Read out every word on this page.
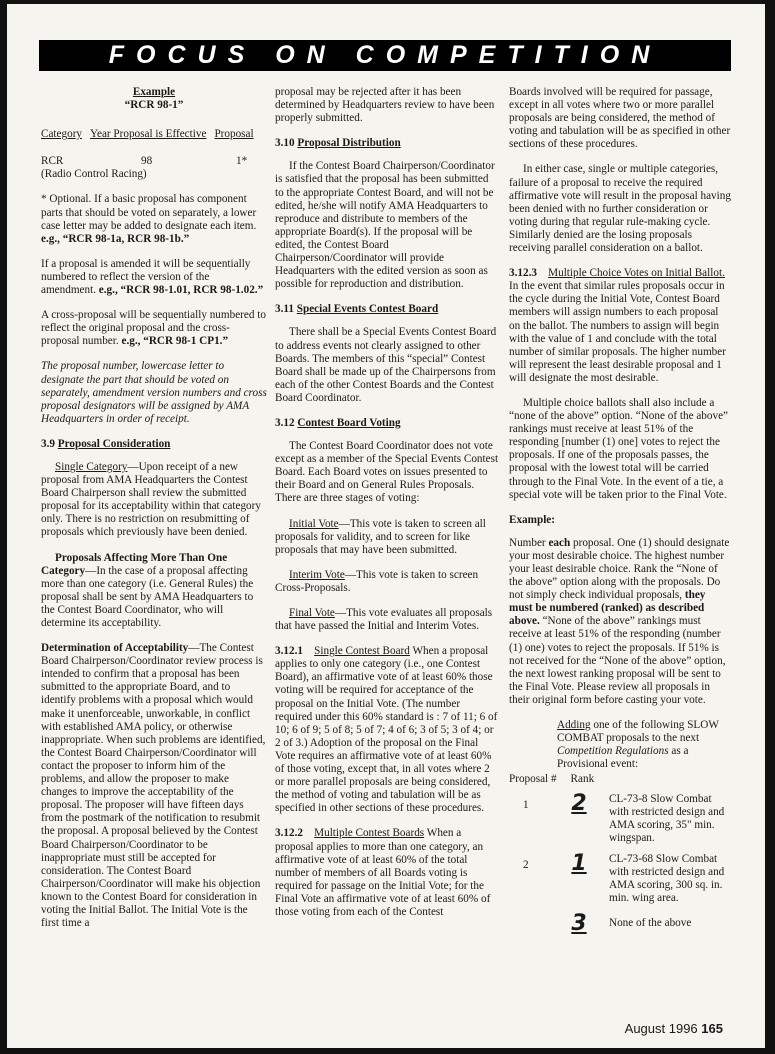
FOCUS ON COMPETITION
Example
“RCR 98-1”
Category Year Proposal is Effective Proposal
RCR	98	1*

(Radio Control Racing)

* Optional. If a basic proposal has component parts that should be voted on separately, a lower case letter may be added to designate each item. e.g., “RCR 98-1a, RCR 98-1b.”

If a proposal is amended it will be sequentially numbered to reflect the version of the amendment. e.g., “RCR 98-1.01, RCR 98-1.02.”

A cross-proposal will be sequentially numbered to reflect the original proposal and the cross-proposal number. e.g., “RCR 98-1 CP1.”

The proposal number, lowercase letter to designate the part that should be voted on separately, amendment version numbers and cross proposal designators will be assigned by AMA Headquarters in order of receipt.

3.9 Proposal Consideration

Single Category—Upon receipt of a new proposal from AMA Headquarters the Contest Board Chairperson shall review the submitted proposal for its acceptability within that category only. There is no restriction on resubmitting of proposals which previously have been denied.

Proposals Affecting More Than One Category—In the case of a proposal affecting more than one category (i.e. General Rules) the proposal shall be sent by AMA Headquarters to the Contest Board Coordinator, who will determine its acceptability.

Determination of Acceptability—The Contest Board Chairperson/Coordinator review process is intended to confirm that a proposal has been submitted to the appropriate Board, and to identify problems with a proposal which would make it unenforceable, unworkable, in conflict with established AMA policy, or otherwise inappropriate. When such problems are identified, the Contest Board Chairperson/Coordinator will contact the proposer to inform him of the problems, and allow the proposer to make changes to improve the acceptability of the proposal. The proposer will have fifteen days from the postmark of the notification to resubmit the proposal. A proposal believed by the Contest Board Chairperson/Coordinator to be inappropriate must still be accepted for consideration. The Contest Board Chairperson/Coordinator will make his objection known to the Contest Board for consideration in voting the Initial Ballot. The Initial Vote is the first time a

proposal may be rejected after it has been determined by Headquarters review to have been properly submitted.

3.10 Proposal Distribution

If the Contest Board Chairperson/Coordinator is satisfied that the proposal has been submitted to the appropriate Contest Board, and will not be edited, he/she will notify AMA Headquarters to reproduce and distribute to members of the appropriate Board(s). If the proposal will be edited, the Contest Board Chairperson/Coordinator will provide Headquarters with the edited version as soon as possible for reproduction and distribution.

3.11 Special Events Contest Board

There shall be a Special Events Contest Board to address events not clearly assigned to other Boards. The members of this “special” Contest Board shall be made up of the Chairpersons from each of the other Contest Boards and the Contest Board Coordinator.

3.12 Contest Board Voting

The Contest Board Coordinator does not vote except as a member of the Special Events Contest Board. Each Board votes on issues presented to their Board and on General Rules Proposals. There are three stages of voting:

Initial Vote—This vote is taken to screen all proposals for validity, and to screen for like proposals that may have been submitted.

Interim Vote—This vote is taken to screen Cross-Proposals.

Final Vote—This vote evaluates all proposals that have passed the Initial and Interim Votes.

3.12.1 Single Contest Board When a proposal applies to only one category (i.e., one Contest Board), an affirmative vote of at least 60% those voting will be required for acceptance of the proposal on the Initial Vote. (The number required under this 60% standard is : 7 of 11; 6 of 10; 6 of 9; 5 of 8; 5 of 7; 4 of 6; 3 of 5; 3 of 4; or 2 of 3.) Adoption of the proposal on the Final Vote requires an affirmative vote of at least 60% of those voting, except that, in all votes where 2 or more parallel proposals are being considered, the method of voting and tabulation will be as specified in other sections of these procedures.

3.12.2 Multiple Contest Boards When a proposal applies to more than one category, an affirmative vote of at least 60% of the total number of members of all Boards voting is required for passage on the Initial Vote; for the Final Vote an affirmative vote of at least 60% of those voting from each of the Contest

Boards involved will be required for passage, except in all votes where two or more parallel proposals are being considered, the method of voting and tabulation will be as specified in other sections of these procedures.

In either case, single or multiple categories, failure of a proposal to receive the required affirmative vote will result in the proposal having been denied with no further consideration or voting during that regular rule-making cycle. Similarly denied are the losing proposals receiving parallel consideration on a ballot.

3.12.3 Multiple Choice Votes on Initial Ballot. In the event that similar rules proposals occur in the cycle during the Initial Vote, Contest Board members will assign numbers to each proposal on the ballot. The numbers to assign will begin with the value of 1 and conclude with the total number of similar proposals. The higher number will represent the least desirable proposal and 1 will designate the most desirable.

Multiple choice ballots shall also include a “none of the above” option. “None of the above” rankings must receive at least 51% of the responding [number (1) one] votes to reject the proposals. If one of the proposals passes, the proposal with the lowest total will be carried through to the Final Vote. In the event of a tie, a special vote will be taken prior to the Final Vote.

Example:

Number each proposal. One (1) should designate your most desirable choice. The highest number your least desirable choice. Rank the “None of the above” option along with the proposals. Do not simply check individual proposals, they must be numbered (ranked) as described above. “None of the above” rankings must receive at least 51% of the responding (number (1) one) votes to reject the proposals. If 51% is not received for the “None of the above” option, the next lowest ranking proposal will be sent to the Final Vote. Please review all proposals in their original form before casting your vote.

Adding one of the following SLOW COMBAT proposals to the next Competition Regulations as a Provisional event:

Proposal # Rank
1	2	CL-73-8 Slow Combat with restricted design and AMA scoring, 35" min. wingspan.
2	1	CL-73-68 Slow Combat with restricted design and AMA scoring, 300 sq. in. min. wing area.
3	None of the above
August 1996 165
